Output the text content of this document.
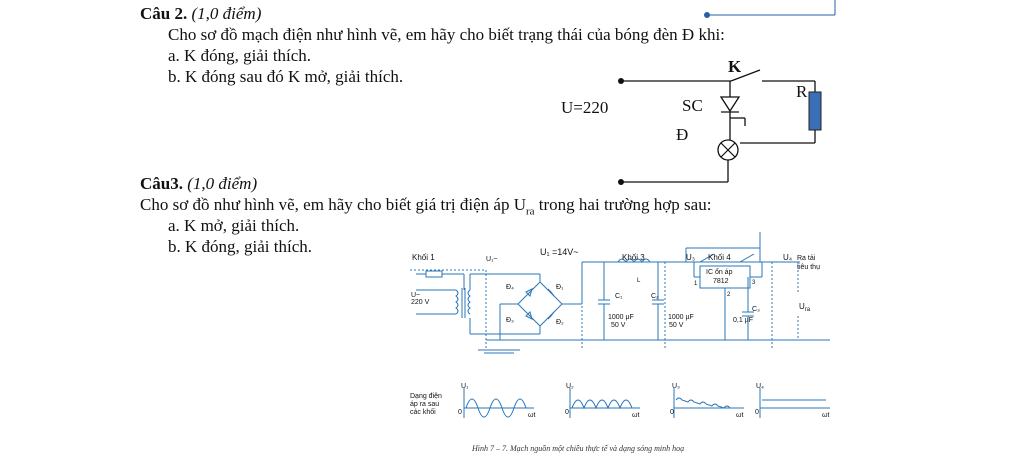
Câu 2. (1,0 điểm)
Cho sơ đồ mạch điện như hình vẽ, em hãy cho biết trạng thái của bóng đèn Đ khi:
a. K đóng, giải thích.
b. K đóng sau đó K mở, giải thích.
K
U=220	SC
R
Đ
Câu3. (1,0 điểm)
Cho sơ đồ như hình vẽ, em hãy cho biết giá trị điện áp $U_{ra}$ trong hai trường hợp sau:
a. K mở, giải thích.
b. K đóng, giải thích.
Khối 1	U₁~
U₁ =14V~
Khối 3	U₃ Khối 4	U₄ Ra tải
tiêu thụ
U~
220 V
Đ₄	Đ₁
Đ₃	Đ₂
C₁	C₂
C₃
1000 µF
50 V
1000 µF
50 V
0,1 µF
IC ổn áp
7812
1
2
3
L
$U_{ra}$
Dạng điện
áp ra sau
các khối
U₁	U₂	U₃	U₄
0	0	0	0
ωt	ωt	ωt	ωt
Hình 7 – 7. Mạch nguồn một chiều thực tế và dạng sóng minh hoạ
